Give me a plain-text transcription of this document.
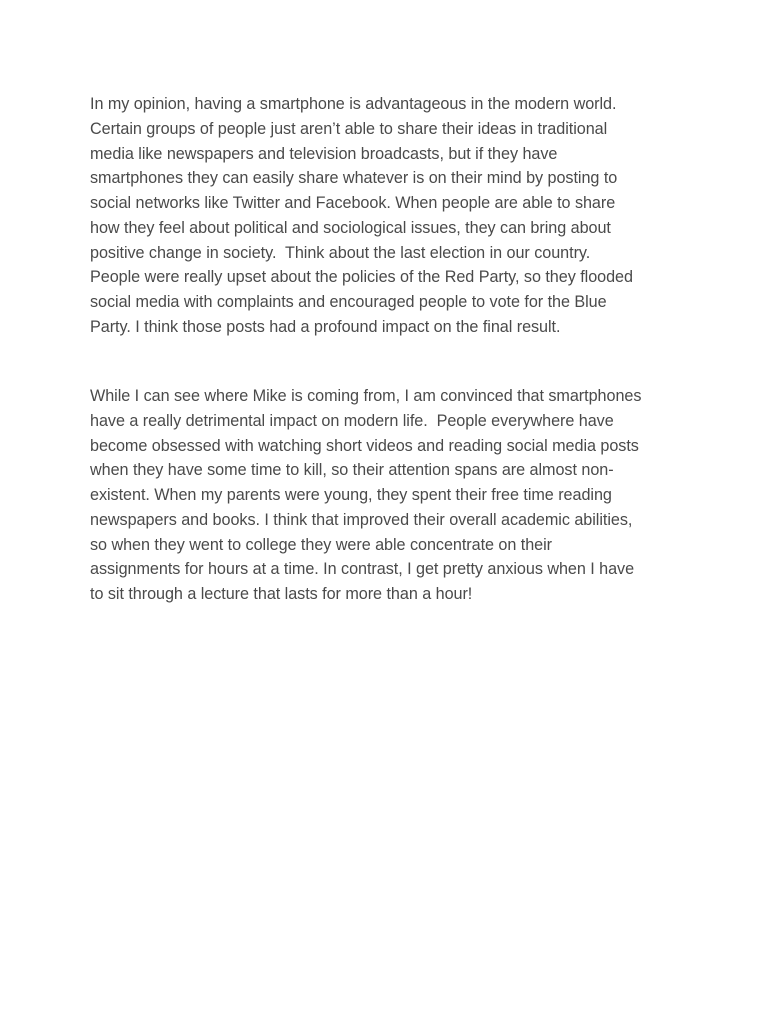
In my opinion, having a smartphone is advantageous in the modern world.
Certain groups of people just aren’t able to share their ideas in traditional
media like newspapers and television broadcasts, but if they have
smartphones they can easily share whatever is on their mind by posting to
social networks like Twitter and Facebook. When people are able to share
how they feel about political and sociological issues, they can bring about
positive change in society.  Think about the last election in our country.
People were really upset about the policies of the Red Party, so they flooded
social media with complaints and encouraged people to vote for the Blue
Party. I think those posts had a profound impact on the final result.

While I can see where Mike is coming from, I am convinced that smartphones
have a really detrimental impact on modern life.  People everywhere have
become obsessed with watching short videos and reading social media posts
when they have some time to kill, so their attention spans are almost non-
existent. When my parents were young, they spent their free time reading
newspapers and books. I think that improved their overall academic abilities,
so when they went to college they were able concentrate on their
assignments for hours at a time. In contrast, I get pretty anxious when I have
to sit through a lecture that lasts for more than a hour!
